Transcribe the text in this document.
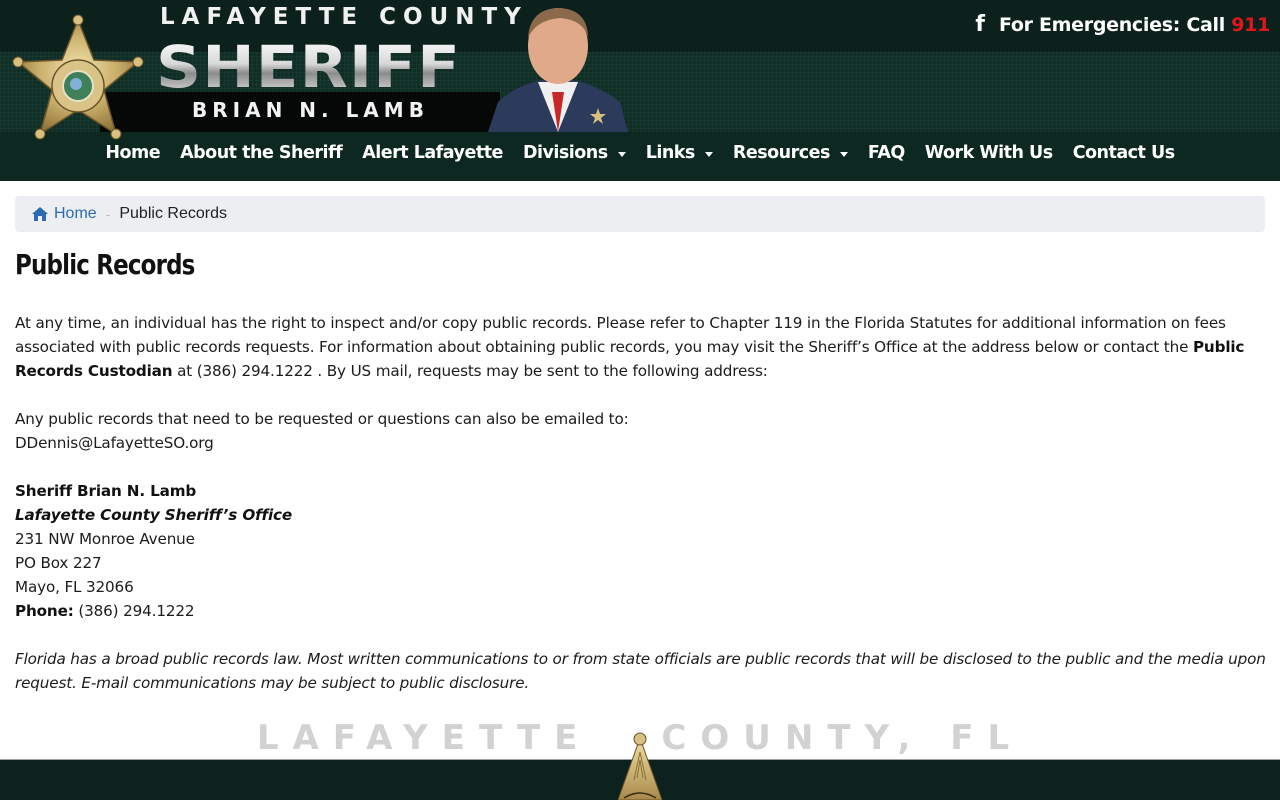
LAFAYETTE COUNTY
SHERIFF
BRIAN N. LAMB
f For Emergencies: Call 911
Home About the Sheriff Alert Lafayette Divisions Links Resources FAQ Work With Us Contact Us
Home - Public Records
Public Records

At any time, an individual has the right to inspect and/or copy public records. Please refer to Chapter 119 in the Florida Statutes for additional information on fees associated with public records requests. For information about obtaining public records, you may visit the Sheriff’s Office at the address below or contact the Public Records Custodian at (386) 294.1222 . By US mail, requests may be sent to the following address:

Any public records that need to be requested or questions can also be emailed to:
DDennis@LafayetteSO.org

Sheriff Brian N. Lamb
Lafayette County Sheriff’s Office
231 NW Monroe Avenue
PO Box 227
Mayo, FL 32066
Phone: (386) 294.1222

Florida has a broad public records law. Most written communications to or from state officials are public records that will be disclosed to the public and the media upon request. E-mail communications may be subject to public disclosure.

LAFAYETTE COUNTY, FL
